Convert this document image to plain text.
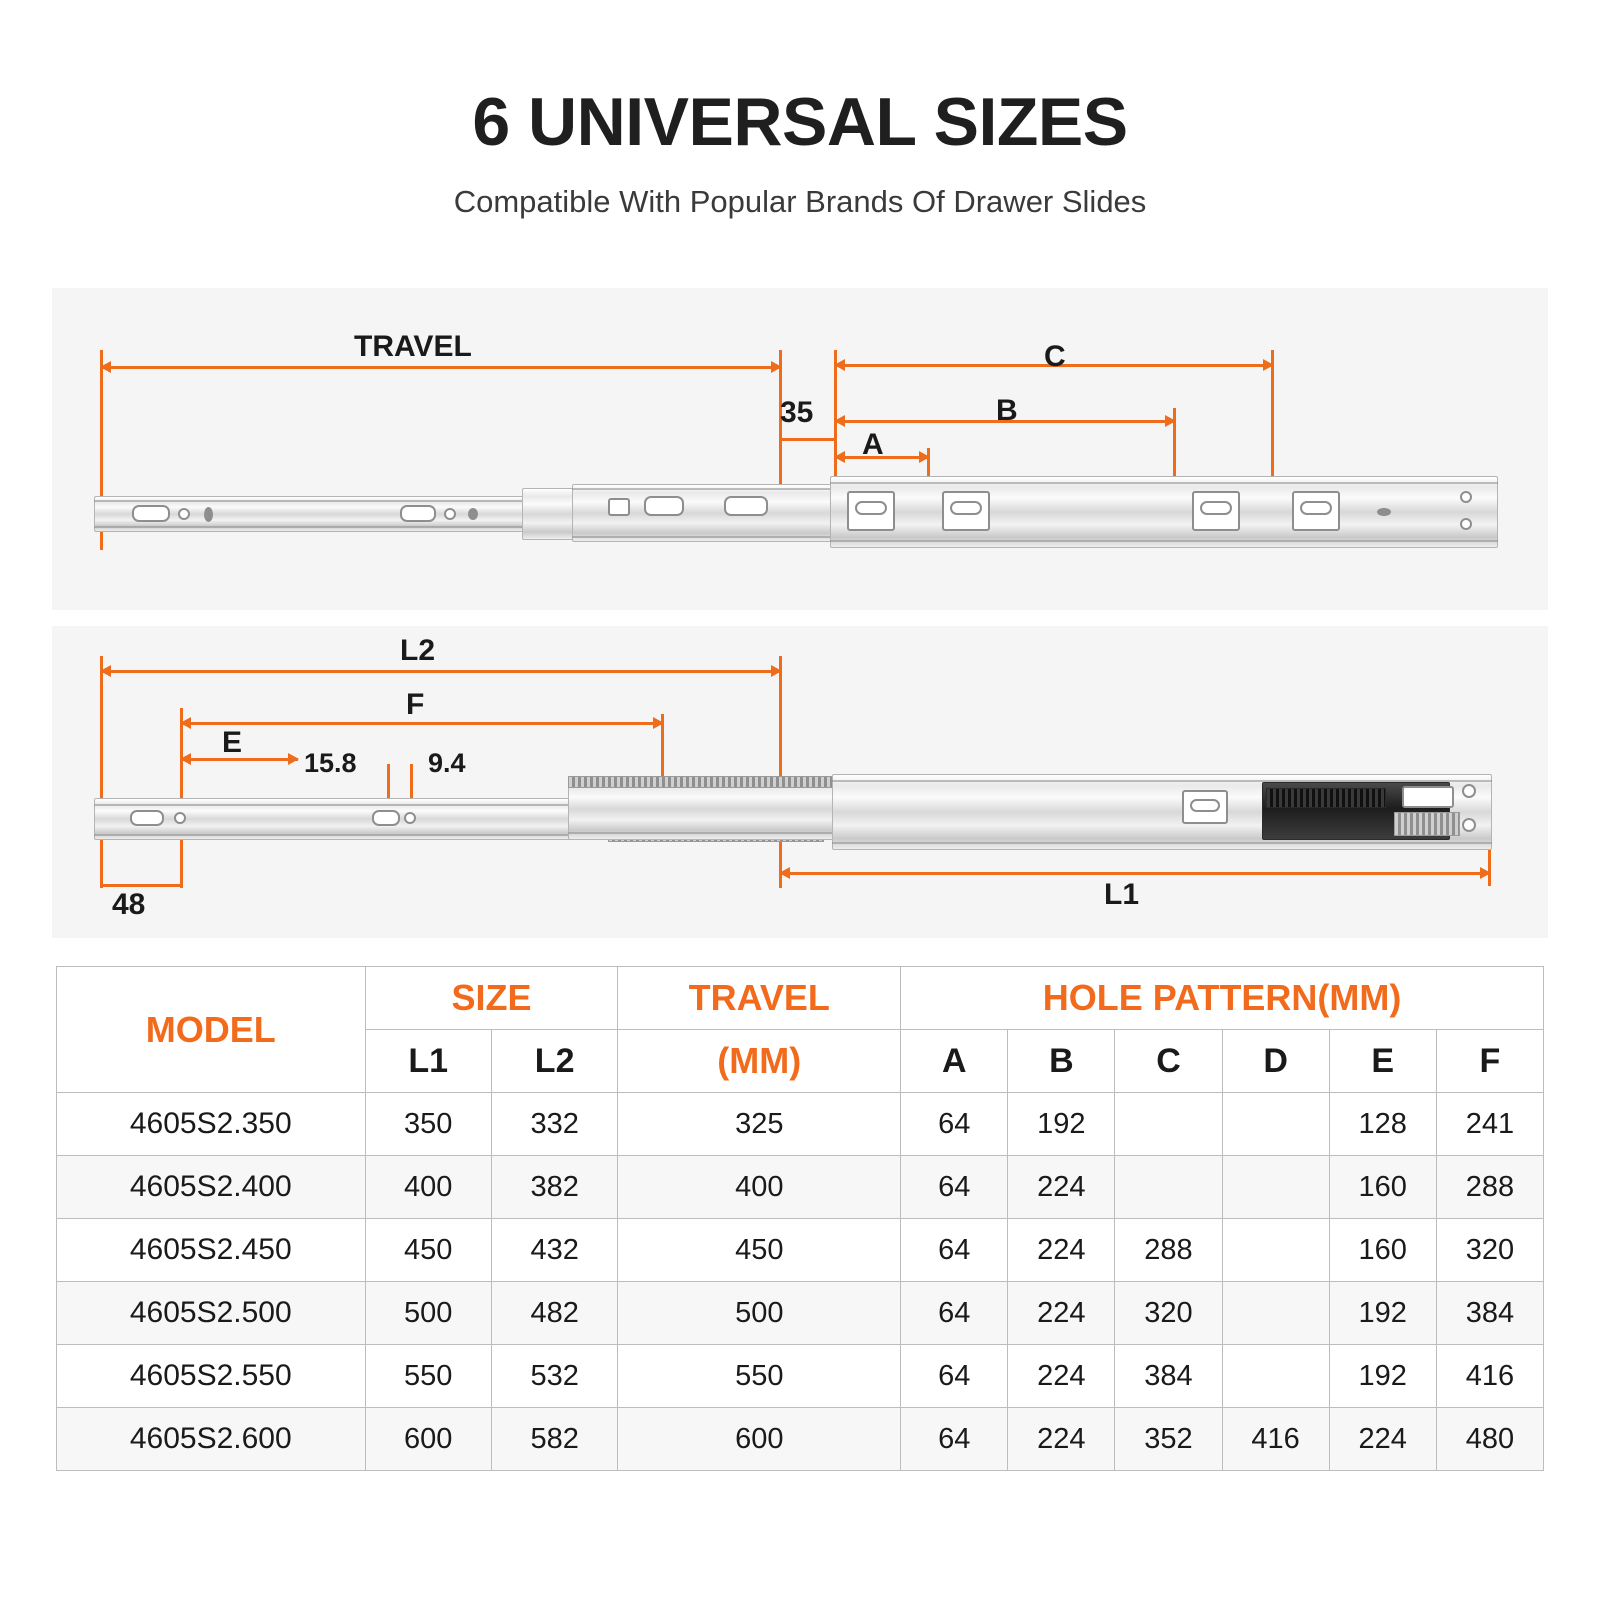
6 UNIVERSAL SIZES
Compatible With Popular Brands Of Drawer Slides
TRAVEL	C
B
A
35
L2
F
E
15.8	9.4
48	L1
MODEL	SIZE		TRAVEL	HOLE PATTERN(MM)					
	L1	L2	(MM)	A	B	C	D	E	F
4605S2.350	350	332	325	64	192			128	241
4605S2.400	400	382	400	64	224			160	288
4605S2.450	450	432	450	64	224	288		160	320
4605S2.500	500	482	500	64	224	320		192	384
4605S2.550	550	532	550	64	224	384		192	416
4605S2.600	600	582	600	64	224	352	416	224	480
